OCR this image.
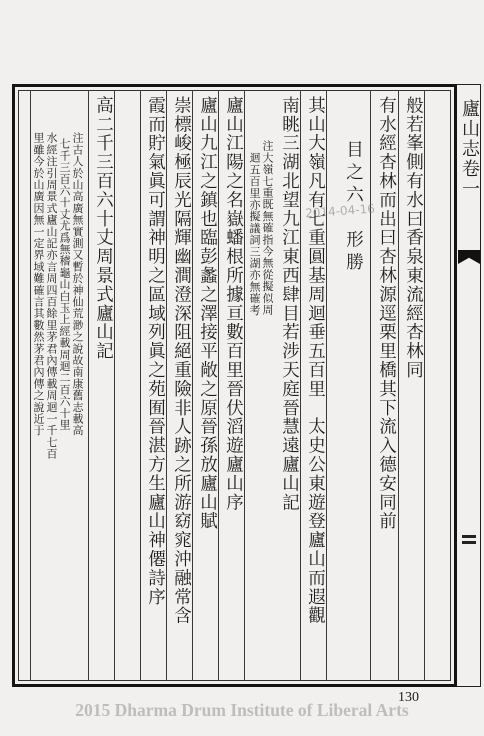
廬山志卷一
般若峯側有水曰香泉東流經杏林同
有水經杏林而出曰杏林源逕栗里橋其下流入德安同前
目之六　形勝
其山大嶺凡有七重圓基周迴垂五百里　太史公東遊登廬山而遐觀
南眺三湖北望九江東西肆目若涉天庭晉慧遠廬山記
注大嶺七重既無確指今無從擬似周
迴五百里亦擬議詞三湖亦無確考
廬山江陽之名嶽蟠根所據亘數百里晉伏滔遊廬山序
廬山九江之鎮也臨彭蠡之澤接平敞之原晉孫放廬山賦
崇標峻極辰光隔輝幽澗澄深阻絕重險非人跡之所游窈窕沖融常含
霞而貯氣眞可謂神明之區域列眞之苑囿晉湛方生廬山神僊詩序
高二千三百六十丈周景式廬山記
注古人於山高廣無實測又暫於神仙荒渺之說故南康舊志載高
七千三百六十丈尤爲無稽龜山白玉上經載周迴二百六十里
水經注引周景式廬山記亦言周四百餘里茅君內傳載周迴一千七百
里雖今於山廣因無一定界域難確言其數然茅君內傳之說近于	2014-04-16
130
2015 Dharma Drum Institute of Liberal Arts
